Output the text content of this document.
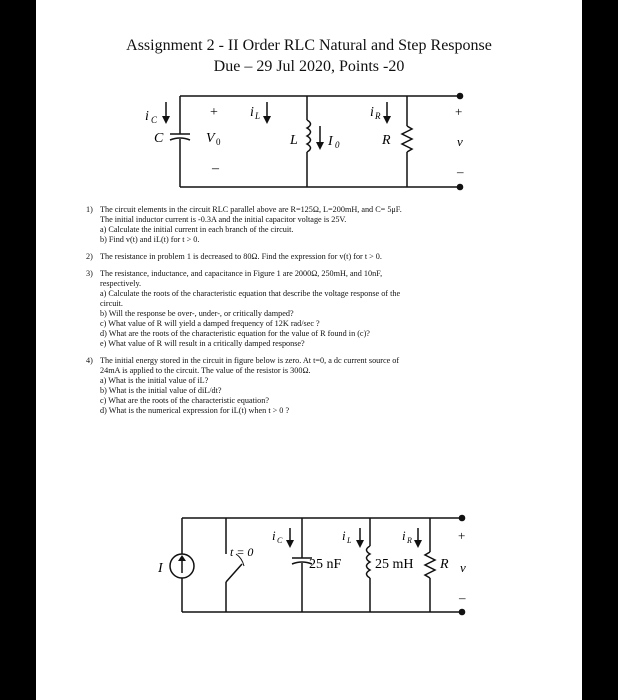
Assignment 2 - II Order RLC Natural and Step Response
Due – 29 Jul 2020, Points -20
i C
C
+
V 0
–
i L
L I 0
i R
R
+
v
–
1) The circuit elements in the circuit RLC parallel above are R=125Ω, L=200mH, and C= 5μF.
The initial inductor current is -0.3A and the initial capacitor voltage is 25V.
a) Calculate the initial current in each branch of the circuit.
b) Find v(t) and iL(t) for t > 0.
2) The resistance in problem 1 is decreased to 80Ω. Find the expression for v(t) for t > 0.
3) The resistance, inductance, and capacitance in Figure 1 are 2000Ω, 250mH, and 10nF,
respectively.
a) Calculate the roots of the characteristic equation that describe the voltage response of the
circuit.
b) Will the response be over-, under-, or critically damped?
c) What value of R will yield a damped frequency of 12K rad/sec ?
d) What are the roots of the characteristic equation for the value of R found in (c)?
e) What value of R will result in a critically damped response?
4) The initial energy stored in the circuit in figure below is zero. At t=0, a dc current source of
24mA is applied to the circuit. The value of the resistor is 300Ω.
a) What is the initial value of iL?
b) What is the initial value of diL/dt?
c) What are the roots of the characteristic equation?
d) What is the numerical expression for iL(t) when t > 0 ?
I
t = 0
i C	i L	i R
25 nF 25 mH R
+
v
–
